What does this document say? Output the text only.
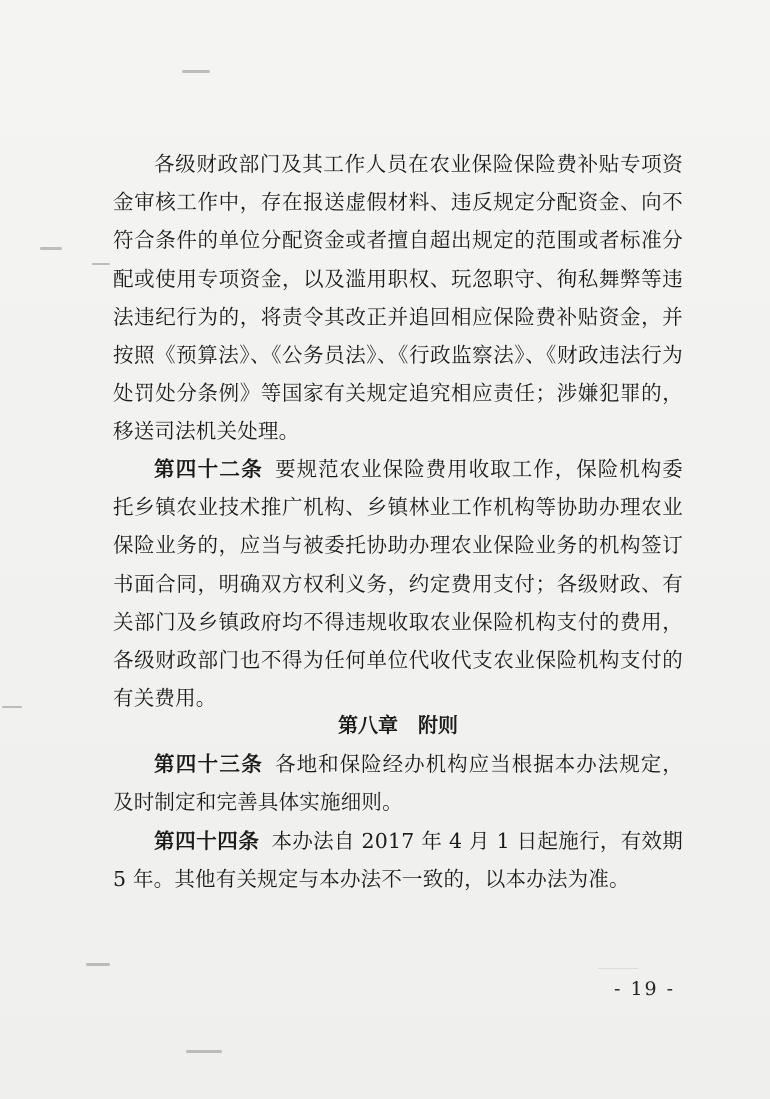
各级财政部门及其工作人员在农业保险保险费补贴专项资金审核工作中，存在报送虚假材料、违反规定分配资金、向不符合条件的单位分配资金或者擅自超出规定的范围或者标准分配或使用专项资金，以及滥用职权、玩忽职守、徇私舞弊等违法违纪行为的，将责令其改正并追回相应保险费补贴资金，并按照《预算法》、《公务员法》、《行政监察法》、《财政违法行为处罚处分条例》等国家有关规定追究相应责任；涉嫌犯罪的，移送司法机关处理。

第四十二条 要规范农业保险费用收取工作，保险机构委托乡镇农业技术推广机构、乡镇林业工作机构等协助办理农业保险业务的，应当与被委托协助办理农业保险业务的机构签订书面合同，明确双方权利义务，约定费用支付；各级财政、有关部门及乡镇政府均不得违规收取农业保险机构支付的费用，各级财政部门也不得为任何单位代收代支农业保险机构支付的有关费用。

第八章　附则

第四十三条 各地和保险经办机构应当根据本办法规定，及时制定和完善具体实施细则。

第四十四条 本办法自 2017 年 4 月 1 日起施行，有效期 5 年。其他有关规定与本办法不一致的，以本办法为准。

- 19 -
